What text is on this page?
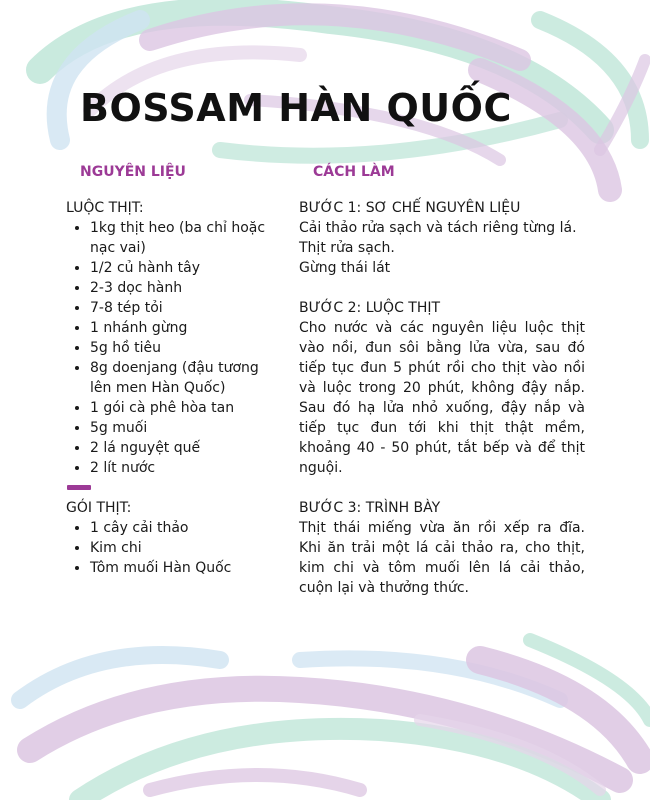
BOSSAM HÀN QUỐC
NGUYÊN LIỆU	CÁCH LÀM
LUỘC THỊT:
• 1kg thịt heo (ba chỉ hoặc nạc vai)
• 1/2 củ hành tây
• 2-3 dọc hành
• 7-8 tép tỏi
• 1 nhánh gừng
• 5g hồ tiêu
• 8g doenjang (đậu tương lên men Hàn Quốc)
• 1 gói cà phê hòa tan
• 5g muối
• 2 lá nguyệt quế
• 2 lít nước
GÓI THỊT:
• 1 cây cải thảo
• Kim chi
• Tôm muối Hàn Quốc
BƯỚC 1: SƠ CHẾ NGUYÊN LIỆU

Cải thảo rửa sạch và tách riêng từng lá.

Thịt rửa sạch.

Gừng thái lát

BƯỚC 2: LUỘC THỊT

Cho nước và các nguyên liệu luộc thịt vào nồi, đun sôi bằng lửa vừa, sau đó tiếp tục đun 5 phút rồi cho thịt vào nồi và luộc trong 20 phút, không đậy nắp. Sau đó hạ lửa nhỏ xuống, đậy nắp và tiếp tục đun tới khi thịt thật mềm, khoảng 40 - 50 phút, tắt bếp và để thịt nguội.

BƯỚC 3: TRÌNH BÀY

Thịt thái miếng vừa ăn rồi xếp ra đĩa. Khi ăn trải một lá cải thảo ra, cho thịt, kim chi và tôm muối lên lá cải thảo, cuộn lại và thưởng thức.
